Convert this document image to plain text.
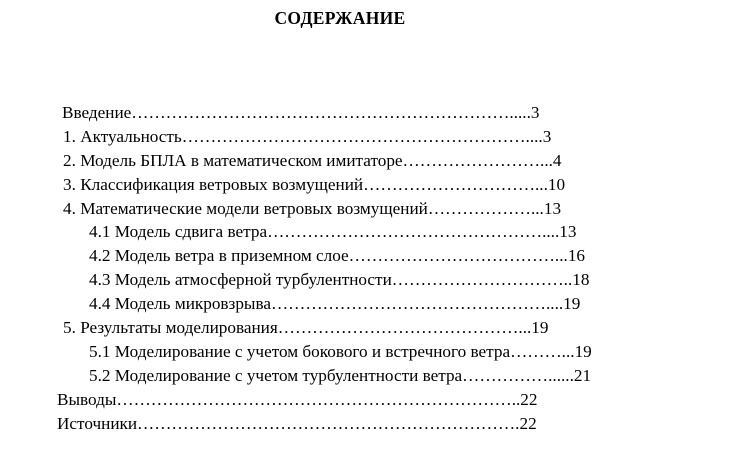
СОДЕРЖАНИЕ
Введение………………………………………………………….....3
1. Актуальность……………………………………………………....3
2. Модель БПЛА в математическом имитаторе……………………...4
3. Классификация ветровых возмущений…………………………...10
4. Математические модели ветровых возмущений………………...13
4.1 Модель сдвига ветра…………………………………………....13
4.2 Модель ветра в приземном слое………………………………...16
4.3 Модель атмосферной турбулентности…………………………..18
4.4 Модель микровзрыва…………………………………………....19
5. Результаты моделирования……………………………………...19
5.1 Моделирование с учетом бокового и встречного ветра………...19
5.2 Моделирование с учетом турбулентности ветра……………......21
Выводы……………………………………………………………..22
Источники………………………………………………………….22
